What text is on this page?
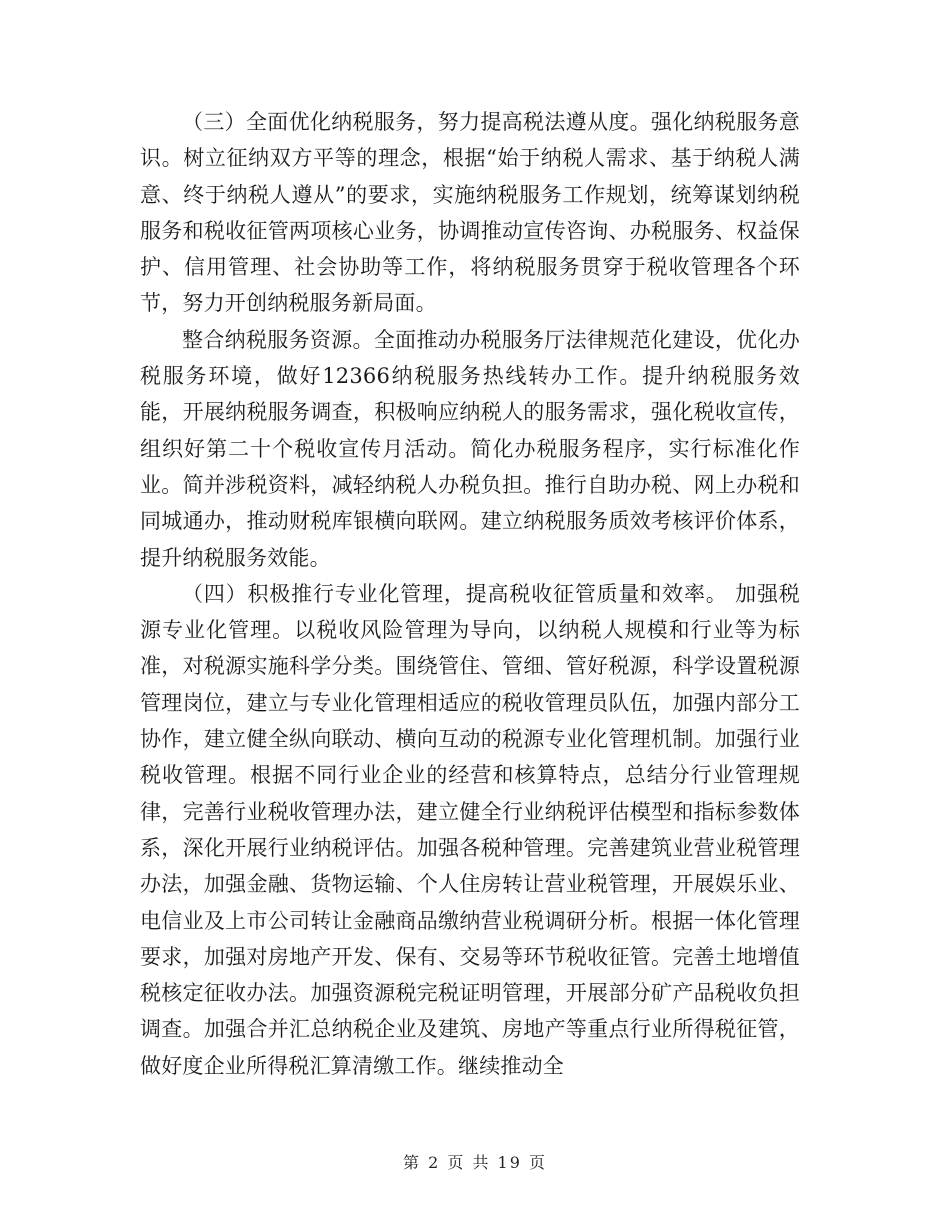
（三）全面优化纳税服务，努力提高税法遵从度。强化纳税服务意识。树立征纳双方平等的理念，根据“始于纳税人需求、基于纳税人满意、终于纳税人遵从”的要求，实施纳税服务工作规划，统筹谋划纳税服务和税收征管两项核心业务，协调推动宣传咨询、办税服务、权益保护、信用管理、社会协助等工作，将纳税服务贯穿于税收管理各个环节，努力开创纳税服务新局面。

整合纳税服务资源。全面推动办税服务厅法律规范化建设，优化办税服务环境，做好12366纳税服务热线转办工作。提升纳税服务效能，开展纳税服务调查，积极响应纳税人的服务需求，强化税收宣传，组织好第二十个税收宣传月活动。简化办税服务程序，实行标准化作业。简并涉税资料，减轻纳税人办税负担。推行自助办税、网上办税和同城通办，推动财税库银横向联网。建立纳税服务质效考核评价体系，提升纳税服务效能。

（四）积极推行专业化管理，提高税收征管质量和效率。 加强税源专业化管理。以税收风险管理为导向，以纳税人规模和行业等为标准，对税源实施科学分类。围绕管住、管细、管好税源，科学设置税源管理岗位，建立与专业化管理相适应的税收管理员队伍，加强内部分工协作，建立健全纵向联动、横向互动的税源专业化管理机制。加强行业税收管理。根据不同行业企业的经营和核算特点，总结分行业管理规律，完善行业税收管理办法，建立健全行业纳税评估模型和指标参数体系，深化开展行业纳税评估。加强各税种管理。完善建筑业营业税管理办法，加强金融、货物运输、个人住房转让营业税管理，开展娱乐业、电信业及上市公司转让金融商品缴纳营业税调研分析。根据一体化管理要求，加强对房地产开发、保有、交易等环节税收征管。完善土地增值税核定征收办法。加强资源税完税证明管理，开展部分矿产品税收负担调查。加强合并汇总纳税企业及建筑、房地产等重点行业所得税征管，做好度企业所得税汇算清缴工作。继续推动全

第 2 页 共 19 页
